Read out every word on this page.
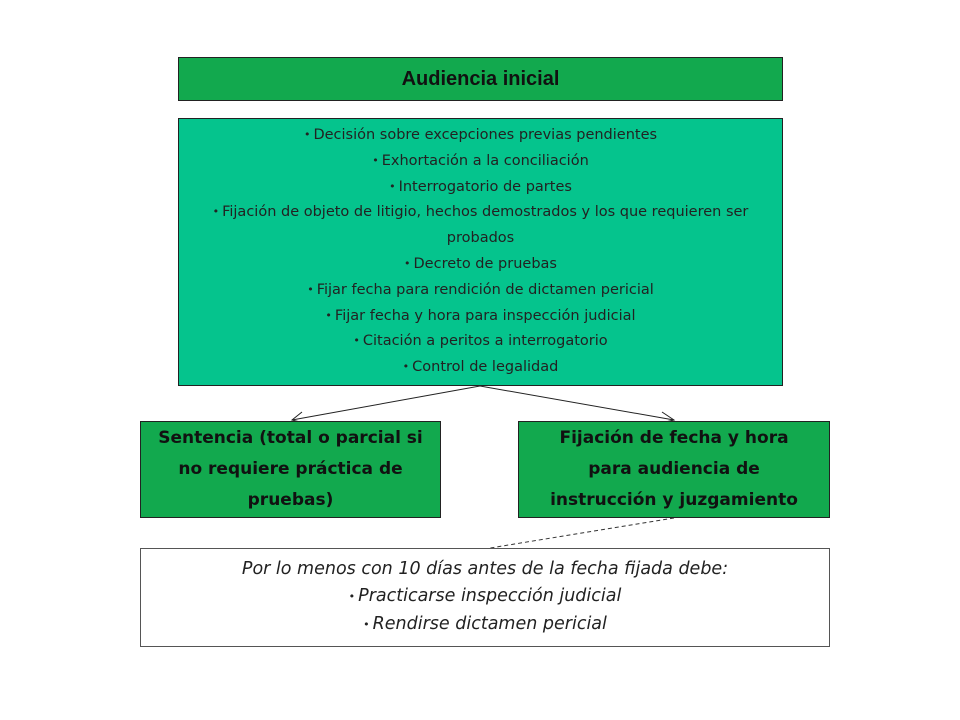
Audiencia inicial
• Decisión sobre excepciones previas pendientes
• Exhortación a la conciliación
• Interrogatorio de partes
• Fijación de objeto de litigio, hechos demostrados y los que requieren ser probados
• Decreto de pruebas
• Fijar fecha para rendición de dictamen pericial
• Fijar fecha y hora para inspección judicial
• Citación a peritos a interrogatorio
• Control de legalidad
Sentencia (total o parcial si
no requiere práctica de
pruebas)
Fijación de fecha y hora
para audiencia de
instrucción y juzgamiento
Por lo menos con 10 días antes de la fecha fijada debe:
• Practicarse inspección judicial
• Rendirse dictamen pericial
